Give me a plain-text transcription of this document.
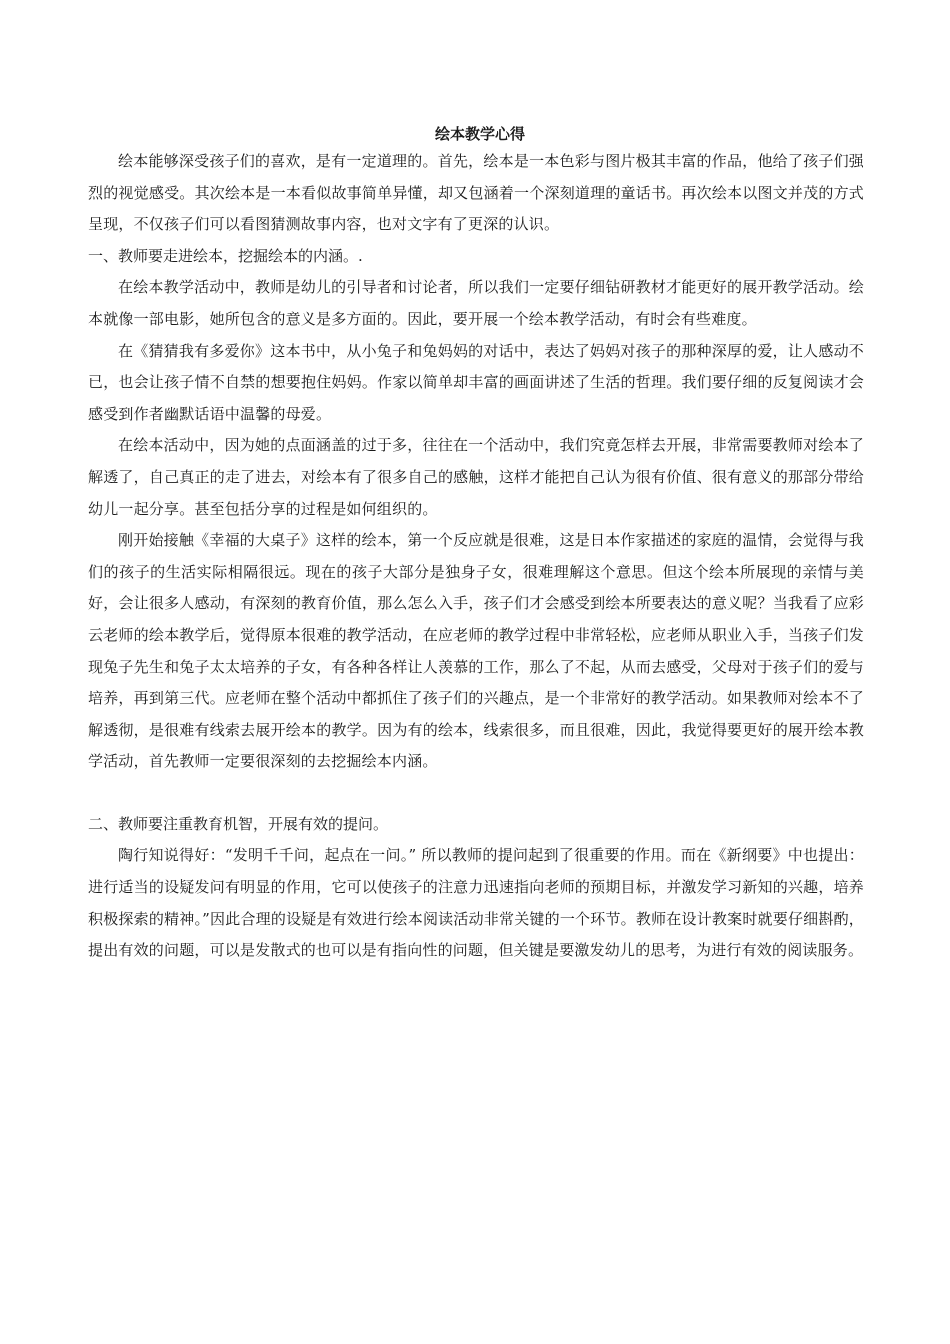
绘本教学心得

绘本能够深受孩子们的喜欢，是有一定道理的。首先，绘本是一本色彩与图片极其丰富的作品，他给了孩子们强烈的视觉感受。其次绘本是一本看似故事简单异懂，却又包涵着一个深刻道理的童话书。再次绘本以图文并茂的方式呈现，不仅孩子们可以看图猜测故事内容，也对文字有了更深的认识。

一、教师要走进绘本，挖掘绘本的内涵。.

在绘本教学活动中，教师是幼儿的引导者和讨论者，所以我们一定要仔细钻研教材才能更好的展开教学活动。绘本就像一部电影，她所包含的意义是多方面的。因此，要开展一个绘本教学活动，有时会有些难度。

在《猜猜我有多爱你》这本书中，从小兔子和兔妈妈的对话中，表达了妈妈对孩子的那种深厚的爱，让人感动不已，也会让孩子情不自禁的想要抱住妈妈。作家以简单却丰富的画面讲述了生活的哲理。我们要仔细的反复阅读才会感受到作者幽默话语中温馨的母爱。

在绘本活动中，因为她的点面涵盖的过于多，往往在一个活动中，我们究竟怎样去开展，非常需要教师对绘本了解透了，自己真正的走了进去，对绘本有了很多自己的感触，这样才能把自己认为很有价值、很有意义的那部分带给幼儿一起分享。甚至包括分享的过程是如何组织的。

刚开始接触《幸福的大桌子》这样的绘本，第一个反应就是很难，这是日本作家描述的家庭的温情，会觉得与我们的孩子的生活实际相隔很远。现在的孩子大部分是独身子女，很难理解这个意思。但这个绘本所展现的亲情与美好，会让很多人感动，有深刻的教育价值，那么怎么入手，孩子们才会感受到绘本所要表达的意义呢？当我看了应彩云老师的绘本教学后，觉得原本很难的教学活动，在应老师的教学过程中非常轻松，应老师从职业入手，当孩子们发现兔子先生和兔子太太培养的子女，有各种各样让人羡慕的工作，那么了不起，从而去感受，父母对于孩子们的爱与培养，再到第三代。应老师在整个活动中都抓住了孩子们的兴趣点，是一个非常好的教学活动。如果教师对绘本不了解透彻，是很难有线索去展开绘本的教学。因为有的绘本，线索很多，而且很难，因此，我觉得要更好的展开绘本教学活动，首先教师一定要很深刻的去挖掘绘本内涵。

二、教师要注重教育机智，开展有效的提问。

陶行知说得好：“发明千千问，起点在一问。” 所以教师的提问起到了很重要的作用。而在《新纲要》中也提出：进行适当的设疑发问有明显的作用，它可以使孩子的注意力迅速指向老师的预期目标，并激发学习新知的兴趣，培养积极探索的精神。”因此合理的设疑是有效进行绘本阅读活动非常关键的一个环节。教师在设计教案时就要仔细斟酌，提出有效的问题，可以是发散式的也可以是有指向性的问题，但关键是要激发幼儿的思考，为进行有效的阅读服务。
